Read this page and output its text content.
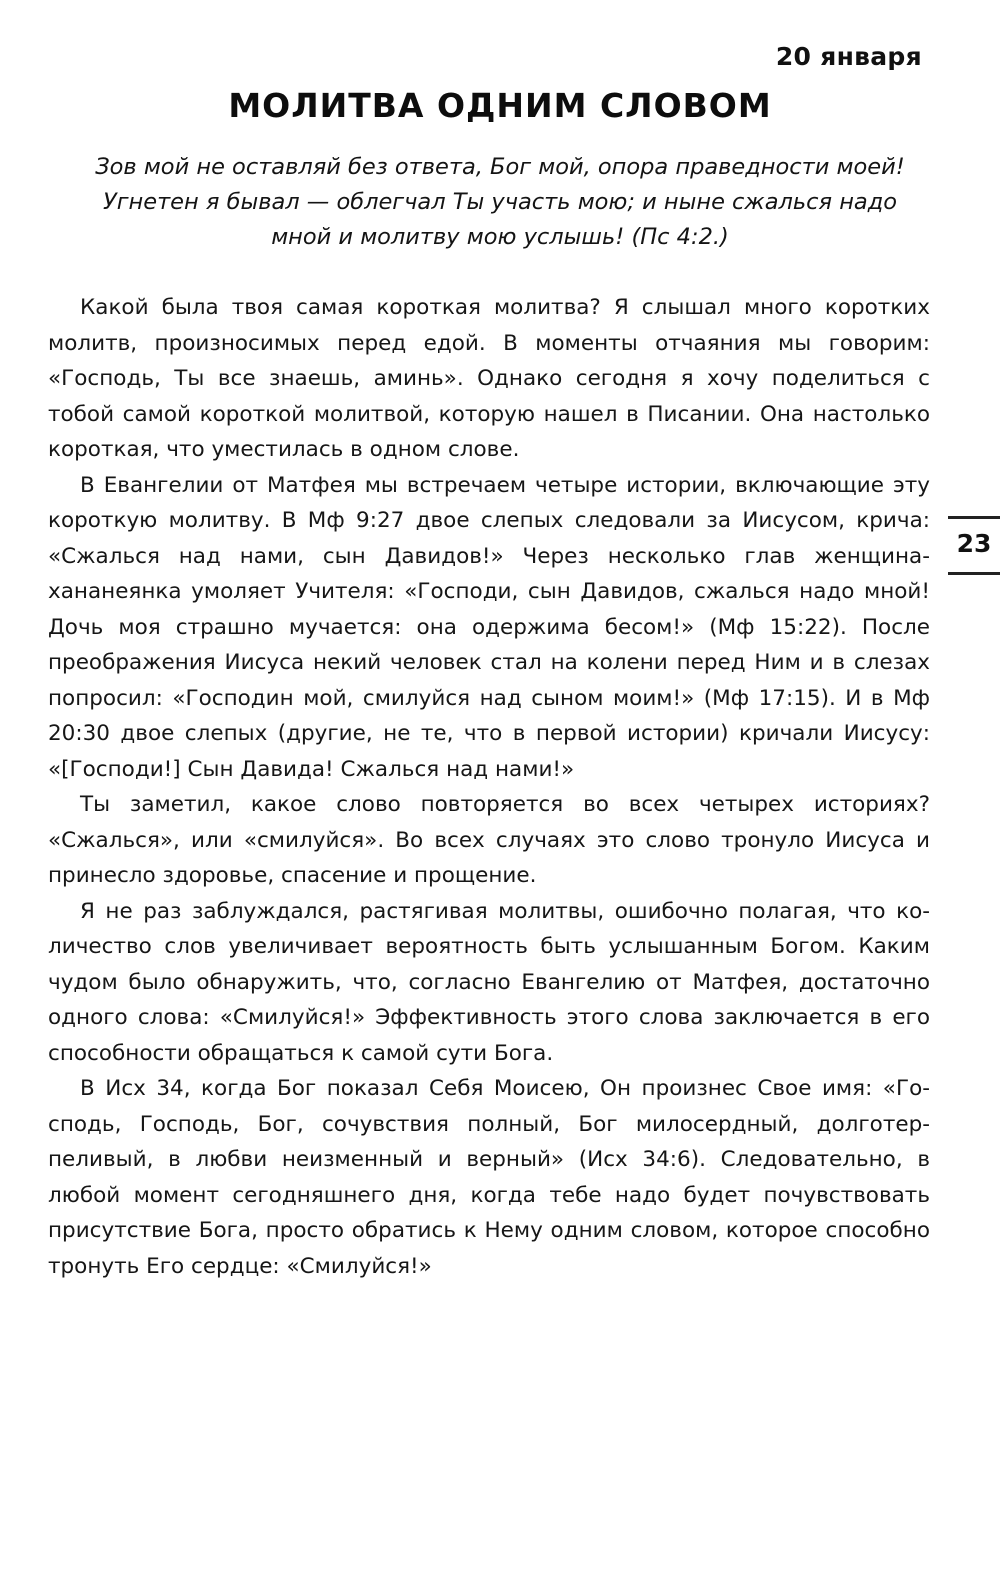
20 января
МОЛИТВА ОДНИМ СЛОВОМ
Зов мой не оставляй без ответа, Бог мой, опора праведности моей!
Угнетен я бывал — облегчал Ты участь мою; и ныне сжалься надо
мной и молитву мою услышь! (Пс 4:2.)

Какой была твоя самая короткая молитва? Я слышал много коротких молитв, произносимых перед едой. В моменты отчаяния мы говорим: «Господь, Ты все знаешь, аминь». Однако сегодня я хочу поделиться с тобой самой короткой молитвой, которую нашел в Писании. Она настолько короткая, что уместилась в одном слове.

В Евангелии от Матфея мы встречаем четыре истории, включающие эту короткую молитву. В Мф 9:27 двое слепых следовали за Иисусом, крича: «Сжалься над нами, сын Давидов!» Через несколько глав женщина-хананеянка умоляет Учителя: «Господи, сын Давидов, сжалься надо мной! Дочь моя страшно мучается: она одержима бесом!» (Мф 15:22). После преображения Иисуса некий человек стал на колени перед Ним и в слезах попросил: «Господин мой, смилуйся над сыном моим!» (Мф 17:15). И в Мф 20:30 двое слепых (другие, не те, что в первой истории) кричали Иисусу: «[Господи!] Сын Давида! Сжалься над нами!»

Ты заметил, какое слово повторяется во всех четырех историях? «Сжалься», или «смилуйся». Во всех случаях это слово тронуло Иисуса и принесло здоровье, спасение и прощение.

Я не раз заблуждался, растягивая молитвы, ошибочно полагая, что количество слов увеличивает вероятность быть услышанным Богом. Каким чудом было обнаружить, что, согласно Евангелию от Матфея, достаточно одного слова: «Смилуйся!» Эффективность этого слова заключается в его способности обращаться к самой сути Бога.

В Исх 34, когда Бог показал Себя Моисею, Он произнес Свое имя: «Господь, Господь, Бог, сочувствия полный, Бог милосердный, долготерпеливый, в любви неизменный и верный» (Исх 34:6). Следовательно, в любой момент сегодняшнего дня, когда тебе надо будет почувствовать присутствие Бога, просто обратись к Нему одним словом, которое способно тронуть Его сердце: «Смилуйся!»

23
